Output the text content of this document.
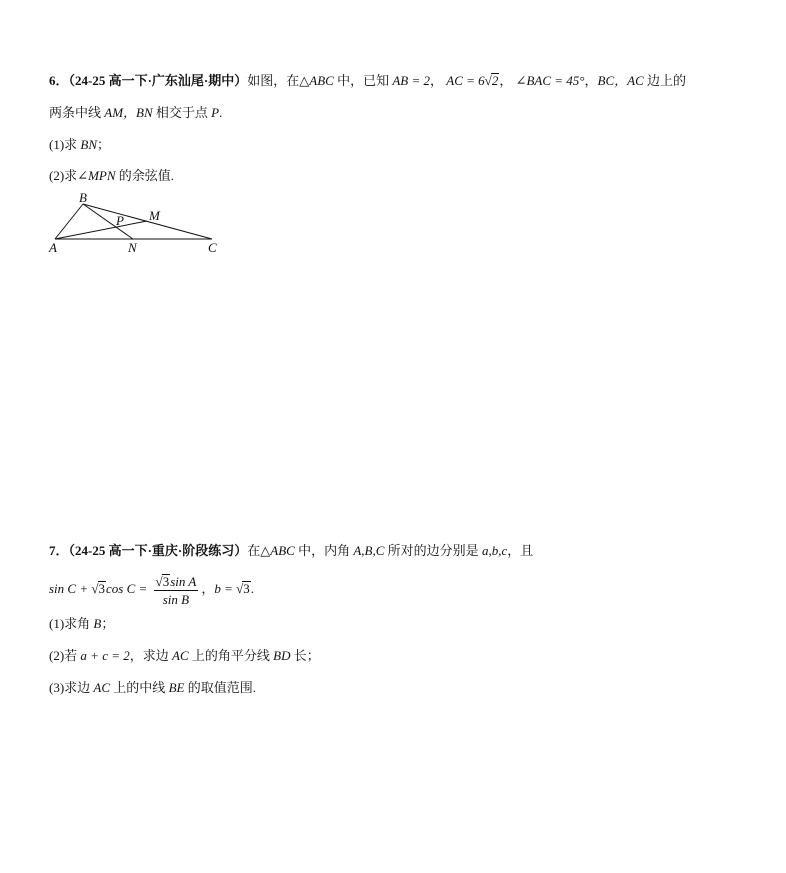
6．（24-25 高一下·广东汕尾·期中）如图，在△ABC 中，已知 AB = 2， AC = 6√2， ∠BAC = 45°，BC，AC 边上的
两条中线 AM，BN 相交于点 P.
(1)求 BN；
(2)求∠MPN 的余弦值.
B
P M
A	N	C
7．（24-25 高一下·重庆·阶段练习）在△ABC 中，内角 A,B,C 所对的边分别是 a,b,c，且
sin C + √3cos $C = \frac{\text{√3sin A}}{\text{sin B}}$ ，b = √3.
(1)求角 B；
(2)若 a + c = 2，求边 AC 上的角平分线 BD 长；
(3)求边 AC 上的中线 BE 的取值范围.
